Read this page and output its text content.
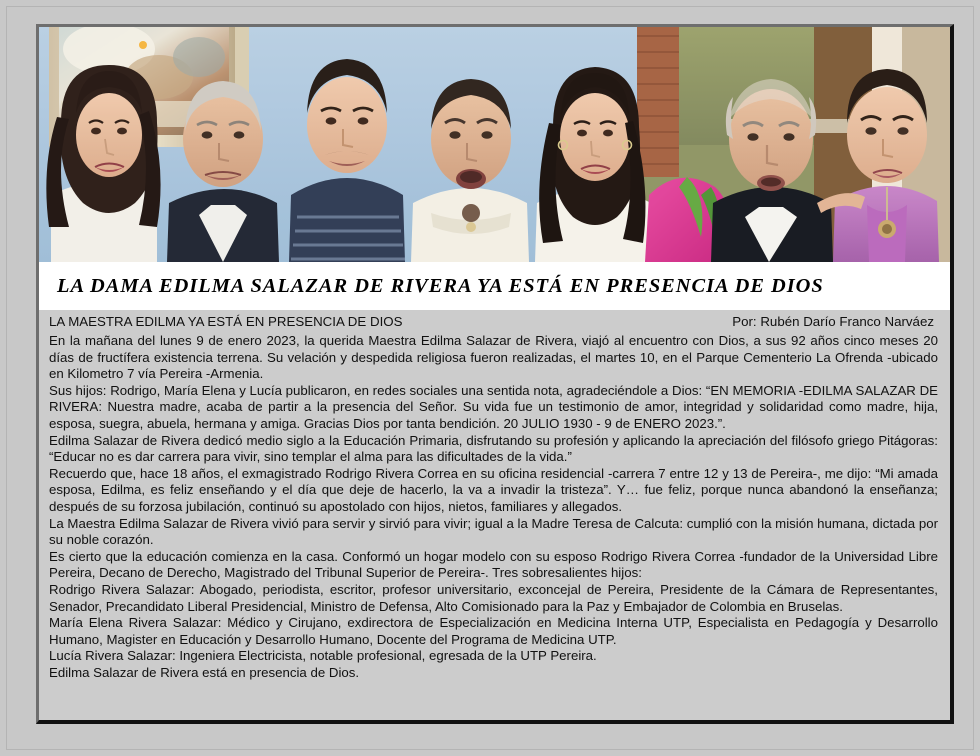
LA DAMA EDILMA SALAZAR DE RIVERA YA ESTÁ EN PRESENCIA DE DIOS
LA MAESTRA EDILMA YA ESTÁ EN PRESENCIA DE DIOS	Por: Rubén Darío Franco Narváez

En la mañana del lunes 9 de enero 2023, la querida Maestra Edilma Salazar de Rivera, viajó al encuentro con Dios, a sus 92 años cinco meses 20 días de fructífera existencia terrena. Su velación y despedida religiosa fueron realizadas, el martes 10, en el Parque Cementerio La Ofrenda -ubicado en Kilometro 7 vía Pereira -Armenia.

Sus hijos: Rodrigo, María Elena y Lucía publicaron, en redes sociales una sentida nota, agradeciéndole a Dios: “EN MEMORIA -EDILMA SALAZAR DE RIVERA: Nuestra madre, acaba de partir a la presencia del Señor. Su vida fue un testimonio de amor, integridad y solidaridad como madre, hija, esposa, suegra, abuela, hermana y amiga. Gracias Dios por tanta bendición. 20 JULIO 1930 - 9 de ENERO 2023.”.

Edilma Salazar de Rivera dedicó medio siglo a la Educación Primaria, disfrutando su profesión y aplicando la apreciación del filósofo griego Pitágoras: “Educar no es dar carrera para vivir, sino templar el alma para las dificultades de la vida.”

Recuerdo que, hace 18 años, el exmagistrado Rodrigo Rivera Correa en su oficina residencial -carrera 7 entre 12 y 13 de Pereira-, me dijo: “Mi amada esposa, Edilma, es feliz enseñando y el día que deje de hacerlo, la va a invadir la tristeza”. Y… fue feliz, porque nunca abandonó la enseñanza; después de su forzosa jubilación, continuó su apostolado con hijos, nietos, familiares y allegados.

La Maestra Edilma Salazar de Rivera vivió para servir y sirvió para vivir; igual a la Madre Teresa de Calcuta: cumplió con la misión humana, dictada por su noble corazón.

Es cierto que la educación comienza en la casa. Conformó un hogar modelo con su esposo Rodrigo Rivera Correa -fundador de la Universidad Libre Pereira, Decano de Derecho, Magistrado del Tribunal Superior de Pereira-. Tres sobresalientes hijos:

Rodrigo Rivera Salazar: Abogado, periodista, escritor, profesor universitario, exconcejal de Pereira, Presidente de la Cámara de Representantes, Senador, Precandidato Liberal Presidencial, Ministro de Defensa, Alto Comisionado para la Paz y Embajador de Colombia en Bruselas.

María Elena Rivera Salazar: Médico y Cirujano, exdirectora de Especialización en Medicina Interna UTP, Especialista en Pedagogía y Desarrollo Humano, Magister en Educación y Desarrollo Humano, Docente del Programa de Medicina UTP.

Lucía Rivera Salazar: Ingeniera Electricista, notable profesional, egresada de la UTP Pereira.

Edilma Salazar de Rivera está en presencia de Dios.
